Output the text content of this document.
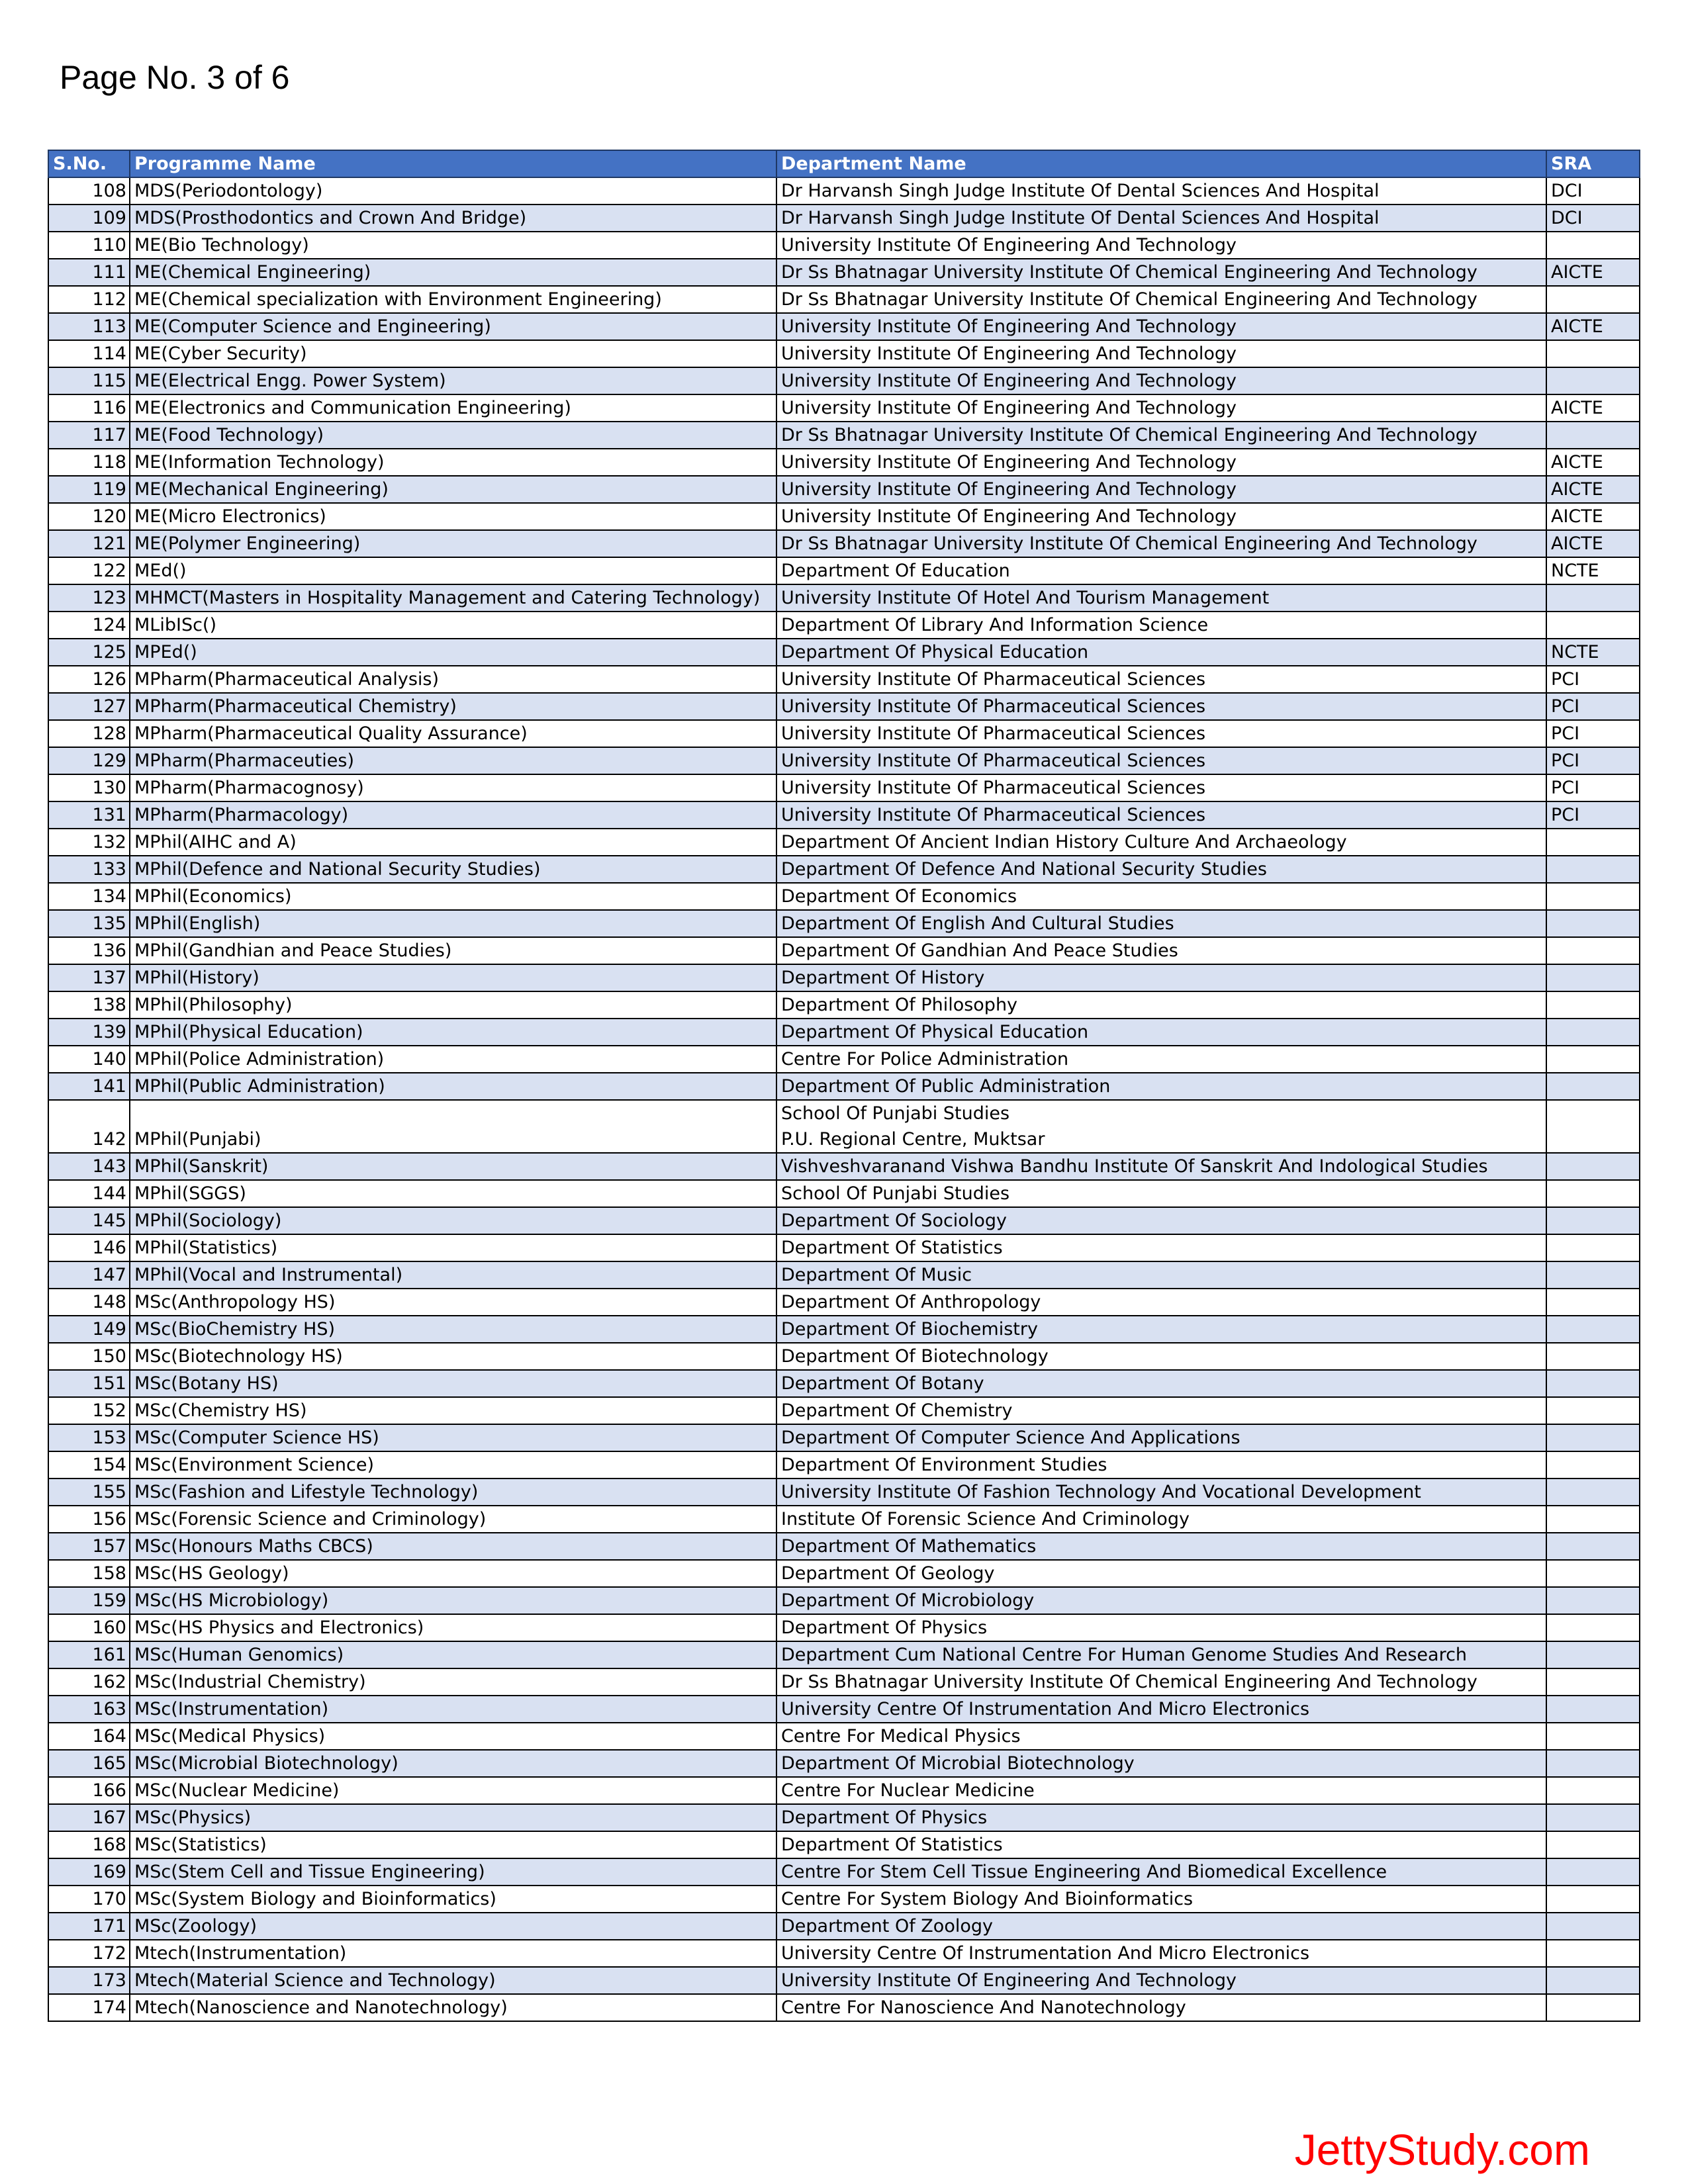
Page No. 3 of 6
S.No.	Programme Name	Department Name	SRA
108	MDS(Periodontology)	Dr Harvansh Singh Judge Institute Of Dental Sciences And Hospital	DCI
109	MDS(Prosthodontics and Crown And Bridge)	Dr Harvansh Singh Judge Institute Of Dental Sciences And Hospital	DCI
110	ME(Bio Technology)	University Institute Of Engineering And Technology	
111	ME(Chemical Engineering)	Dr Ss Bhatnagar University Institute Of Chemical Engineering And Technology	AICTE
112	ME(Chemical specialization with Environment Engineering)	Dr Ss Bhatnagar University Institute Of Chemical Engineering And Technology	
113	ME(Computer Science and Engineering)	University Institute Of Engineering And Technology	AICTE
114	ME(Cyber Security)	University Institute Of Engineering And Technology	
115	ME(Electrical Engg. Power System)	University Institute Of Engineering And Technology	
116	ME(Electronics and Communication Engineering)	University Institute Of Engineering And Technology	AICTE
117	ME(Food Technology)	Dr Ss Bhatnagar University Institute Of Chemical Engineering And Technology	
118	ME(Information Technology)	University Institute Of Engineering And Technology	AICTE
119	ME(Mechanical Engineering)	University Institute Of Engineering And Technology	AICTE
120	ME(Micro Electronics)	University Institute Of Engineering And Technology	AICTE
121	ME(Polymer Engineering)	Dr Ss Bhatnagar University Institute Of Chemical Engineering And Technology	AICTE
122	MEd()	Department Of Education	NCTE
123	MHMCT(Masters in Hospitality Management and Catering Technology)	University Institute Of Hotel And Tourism Management	
124	MLibISc()	Department Of Library And Information Science	
125	MPEd()	Department Of Physical Education	NCTE
126	MPharm(Pharmaceutical Analysis)	University Institute Of Pharmaceutical Sciences	PCI
127	MPharm(Pharmaceutical Chemistry)	University Institute Of Pharmaceutical Sciences	PCI
128	MPharm(Pharmaceutical Quality Assurance)	University Institute Of Pharmaceutical Sciences	PCI
129	MPharm(Pharmaceuties)	University Institute Of Pharmaceutical Sciences	PCI
130	MPharm(Pharmacognosy)	University Institute Of Pharmaceutical Sciences	PCI
131	MPharm(Pharmacology)	University Institute Of Pharmaceutical Sciences	PCI
132	MPhil(AIHC and A)	Department Of Ancient Indian History Culture And Archaeology	
133	MPhil(Defence and National Security Studies)	Department Of Defence And National Security Studies	
134	MPhil(Economics)	Department Of Economics	
135	MPhil(English)	Department Of English And Cultural Studies	
136	MPhil(Gandhian and Peace Studies)	Department Of Gandhian And Peace Studies	
137	MPhil(History)	Department Of History	
138	MPhil(Philosophy)	Department Of Philosophy	
139	MPhil(Physical Education)	Department Of Physical Education	
140	MPhil(Police Administration)	Centre For Police Administration	
141	MPhil(Public Administration)	Department Of Public Administration	
142	MPhil(Punjabi)	School Of Punjabi Studies
P.U. Regional Centre, Muktsar	

143	MPhil(Sanskrit)	Vishveshvaranand Vishwa Bandhu Institute Of Sanskrit And Indological Studies	
144	MPhil(SGGS)	School Of Punjabi Studies	
145	MPhil(Sociology)	Department Of Sociology	
146	MPhil(Statistics)	Department Of Statistics	
147	MPhil(Vocal and Instrumental)	Department Of Music	
148	MSc(Anthropology HS)	Department Of Anthropology	
149	MSc(BioChemistry HS)	Department Of Biochemistry	
150	MSc(Biotechnology HS)	Department Of Biotechnology	
151	MSc(Botany HS)	Department Of Botany	
152	MSc(Chemistry HS)	Department Of Chemistry	
153	MSc(Computer Science HS)	Department Of Computer Science And Applications	
154	MSc(Environment Science)	Department Of Environment Studies	
155	MSc(Fashion and Lifestyle Technology)	University Institute Of Fashion Technology And Vocational Development	
156	MSc(Forensic Science and Criminology)	Institute Of Forensic Science And Criminology	
157	MSc(Honours Maths CBCS)	Department Of Mathematics	
158	MSc(HS Geology)	Department Of Geology	
159	MSc(HS Microbiology)	Department Of Microbiology	
160	MSc(HS Physics and Electronics)	Department Of Physics	
161	MSc(Human Genomics)	Department Cum National Centre For Human Genome Studies And Research	
162	MSc(Industrial Chemistry)	Dr Ss Bhatnagar University Institute Of Chemical Engineering And Technology	
163	MSc(Instrumentation)	University Centre Of Instrumentation And Micro Electronics	
164	MSc(Medical Physics)	Centre For Medical Physics	
165	MSc(Microbial Biotechnology)	Department Of Microbial Biotechnology	
166	MSc(Nuclear Medicine)	Centre For Nuclear Medicine	
167	MSc(Physics)	Department Of Physics	
168	MSc(Statistics)	Department Of Statistics	
169	MSc(Stem Cell and Tissue Engineering)	Centre For Stem Cell Tissue Engineering And Biomedical Excellence	
170	MSc(System Biology and Bioinformatics)	Centre For System Biology And Bioinformatics	
171	MSc(Zoology)	Department Of Zoology	
172	Mtech(Instrumentation)	University Centre Of Instrumentation And Micro Electronics	
173	Mtech(Material Science and Technology)	University Institute Of Engineering And Technology	
174	Mtech(Nanoscience and Nanotechnology)	Centre For Nanoscience And Nanotechnology	
JettyStudy.com
